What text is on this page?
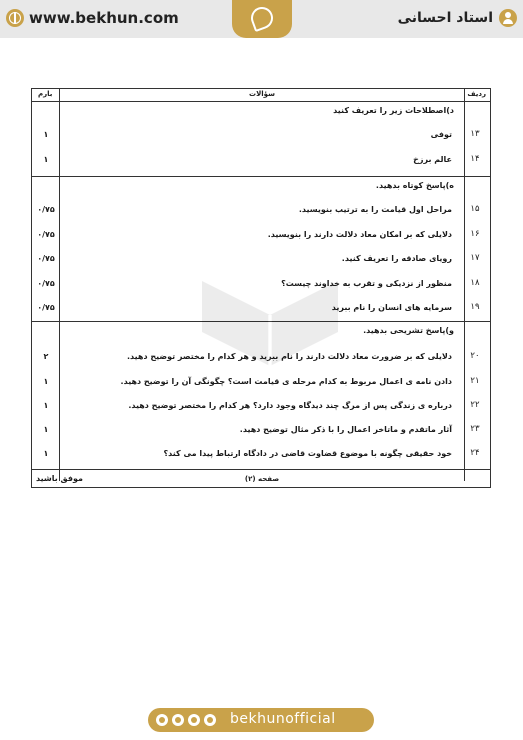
www.bekhun.com	استاد احسانی
ردیف
سؤالات
بارم
د)اصطلاحات زیر را تعریف کنید
۱۳
توفی
۱
۱۴
عالم برزخ
۱
ه)پاسخ کوتاه بدهید.
۱۵
مراحل اول قیامت را به ترتیب بنویسید.
۰/۷۵
۱۶
دلایلی که بر امکان معاد دلالت دارند را بنویسید.
۰/۷۵
۱۷
رویای صادقه را تعریف کنید.
۰/۷۵
۱۸
منظور از نزدیکی و تقرب به خداوند چیست؟
۰/۷۵
۱۹
سرمایه های انسان را نام ببرید
۰/۷۵
و)پاسخ تشریحی بدهید.
۲۰
دلایلی که بر ضرورت معاد دلالت دارند را نام ببرید و هر کدام را مختصر توضیح دهید.
۲
۲۱
دادن نامه ی اعمال مربوط به کدام مرحله ی قیامت است؟ چگونگی آن را توضیح دهید.
۱
۲۲
درباره ی زندگی پس از مرگ چند دیدگاه وجود دارد؟ هر کدام را مختصر توضیح دهید.
۱
۲۳
آثار ماتقدم و ماتاخر اعمال را با ذکر مثال توضیح دهید.
۱
۲۴
خود حقیقی چگونه با موضوع قضاوت قاضی در دادگاه ارتباط پیدا می کند؟
۱
صفحه (۲)
موفق باشید
bekhunofficial
